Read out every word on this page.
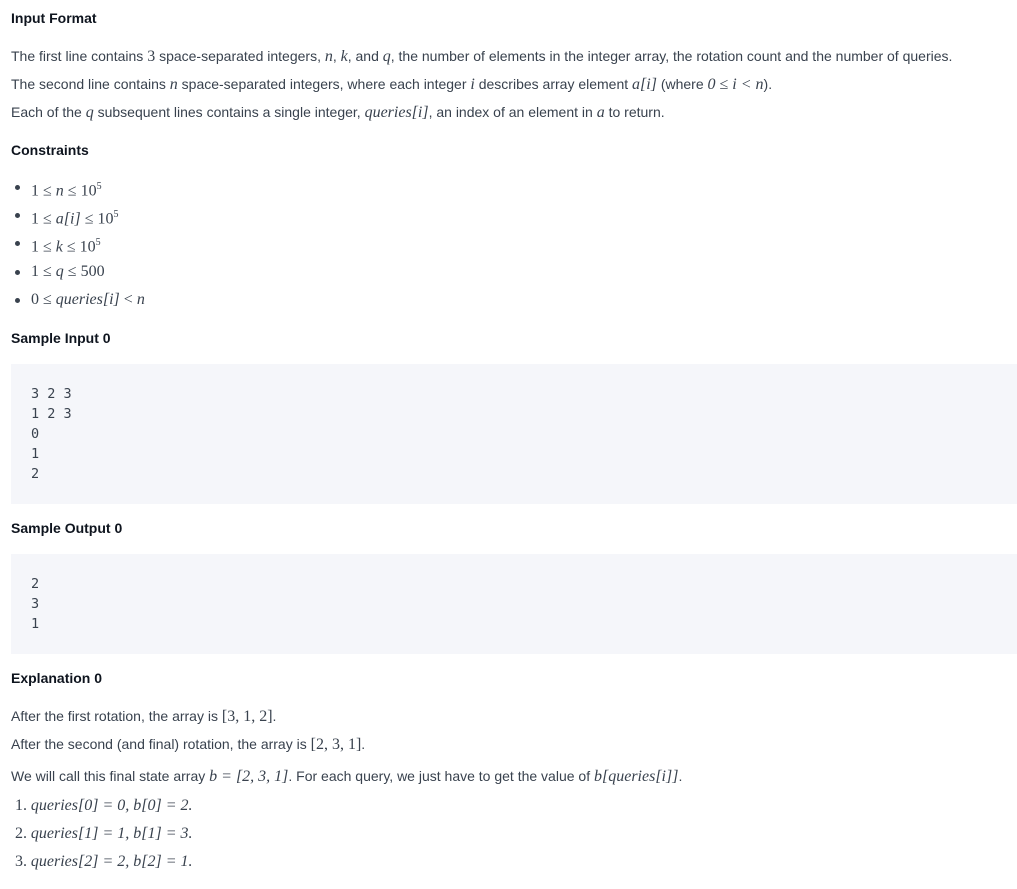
Input Format
The first line contains 3 space-separated integers, n, k, and q, the number of elements in the integer array, the rotation count and the number of queries.
The second line contains n space-separated integers, where each integer i describes array element a[i] (where 0 ≤ i < n).
Each of the q subsequent lines contains a single integer, queries[i], an index of an element in a to return.
Constraints
$1 \le n \le 10^5$
$1 \le a[i] \le 10^5$
$1 \le k \le 10^5$
1 ≤ q ≤ 500
0 ≤ queries[i] < n
Sample Input 0
3 2 3
1 2 3
0
1
2
Sample Output 0
2
3
1
Explanation 0
After the first rotation, the array is [3, 1, 2].
After the second (and final) rotation, the array is [2, 3, 1].
We will call this final state array b = [2, 3, 1]. For each query, we just have to get the value of b[queries[i]].
1. queries[0] = 0, b[0] = 2.
2. queries[1] = 1, b[1] = 3.
3. queries[2] = 2, b[2] = 1.
